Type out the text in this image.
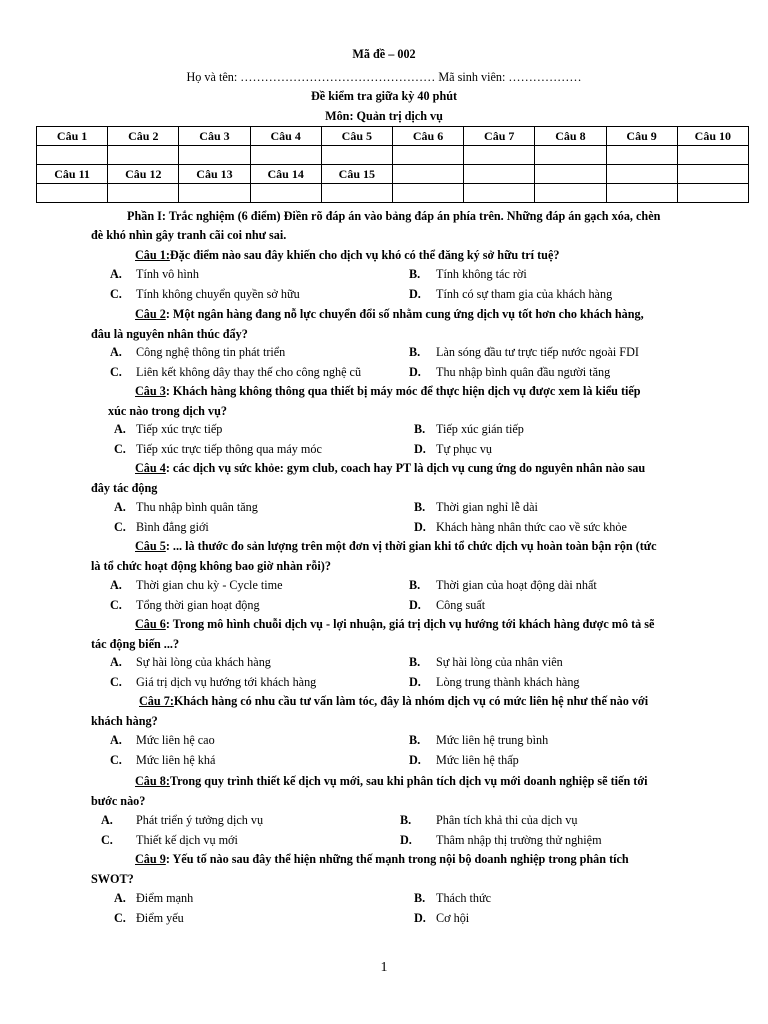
Mã đề – 002
Họ và tên: ………………………………………… Mã sinh viên: ………………
Đề kiểm tra giữa kỳ 40 phút
Môn: Quản trị dịch vụ
Câu 1	Câu 2	Câu 3	Câu 4	Câu 5	Câu 6	Câu 7	Câu 8	Câu 9	Câu 10

Câu 11	Câu 12	Câu 13	Câu 14	Câu 15					

Phần I: Trắc nghiệm (6 điểm) Điền rõ đáp án vào bảng đáp án phía trên. Những đáp án gạch xóa, chèn
đè khó nhìn gây tranh cãi coi như sai.
Câu 1:Đặc điểm nào sau đây khiến cho dịch vụ khó có thể đăng ký sở hữu trí tuệ?
A. Tính vô hình	B. Tính không tác rời
C. Tính không chuyển quyền sở hữu	D. Tính có sự tham gia của khách hàng
Câu 2: Một ngân hàng đang nỗ lực chuyển đổi số nhằm cung ứng dịch vụ tốt hơn cho khách hàng,
đâu là nguyên nhân thúc đẩy?
A. Công nghệ thông tin phát triển	B. Làn sóng đầu tư trực tiếp nước ngoài FDI
C. Liên kết không dây thay thế cho công nghệ cũ	D. Thu nhập bình quân đầu người tăng
Câu 3: Khách hàng không thông qua thiết bị máy móc để thực hiện dịch vụ được xem là kiểu tiếp
xúc nào trong dịch vụ?
A. Tiếp xúc trực tiếp	B. Tiếp xúc gián tiếp
C. Tiếp xúc trực tiếp thông qua máy móc	D. Tự phục vụ
Câu 4: các dịch vụ sức khỏe: gym club, coach hay PT là dịch vụ cung ứng do nguyên nhân nào sau
đây tác động
A. Thu nhập bình quân tăng	B. Thời gian nghỉ lễ dài
C. Bình đẳng giới	D. Khách hàng nhân thức cao về sức khỏe
Câu 5: ... là thước đo sản lượng trên một đơn vị thời gian khi tổ chức dịch vụ hoàn toàn bận rộn (tức
là tổ chức hoạt động không bao giờ nhàn rỗi)?
A. Thời gian chu kỳ - Cycle time	B. Thời gian của hoạt động dài nhất
C. Tổng thời gian hoạt động	D. Công suất
Câu 6: Trong mô hình chuỗi dịch vụ - lợi nhuận, giá trị dịch vụ hướng tới khách hàng được mô tả sẽ
tác động biến ...?
A. Sự hài lòng của khách hàng	B. Sự hài lòng của nhân viên
C. Giá trị dịch vụ hướng tới khách hàng	D. Lòng trung thành khách hàng
Câu 7:Khách hàng có nhu cầu tư vấn làm tóc, đây là nhóm dịch vụ có mức liên hệ như thế nào với
khách hàng?
A. Mức liên hệ cao	B. Mức liên hệ trung bình
C. Mức liên hệ khá	D. Mức liên hệ thấp
Câu 8:Trong quy trình thiết kế dịch vụ mới, sau khi phân tích dịch vụ mới doanh nghiệp sẽ tiến tới
bước nào?
A. Phát triển ý tưởng dịch vụ	B. Phân tích khả thi của dịch vụ
C. Thiết kế dịch vụ mới	D. Thâm nhập thị trường thử nghiệm
Câu 9: Yếu tố nào sau đây thể hiện những thế mạnh trong nội bộ doanh nghiệp trong phân tích
SWOT?
A. Điểm mạnh	B. Thách thức
C. Điểm yếu	D. Cơ hội
1
